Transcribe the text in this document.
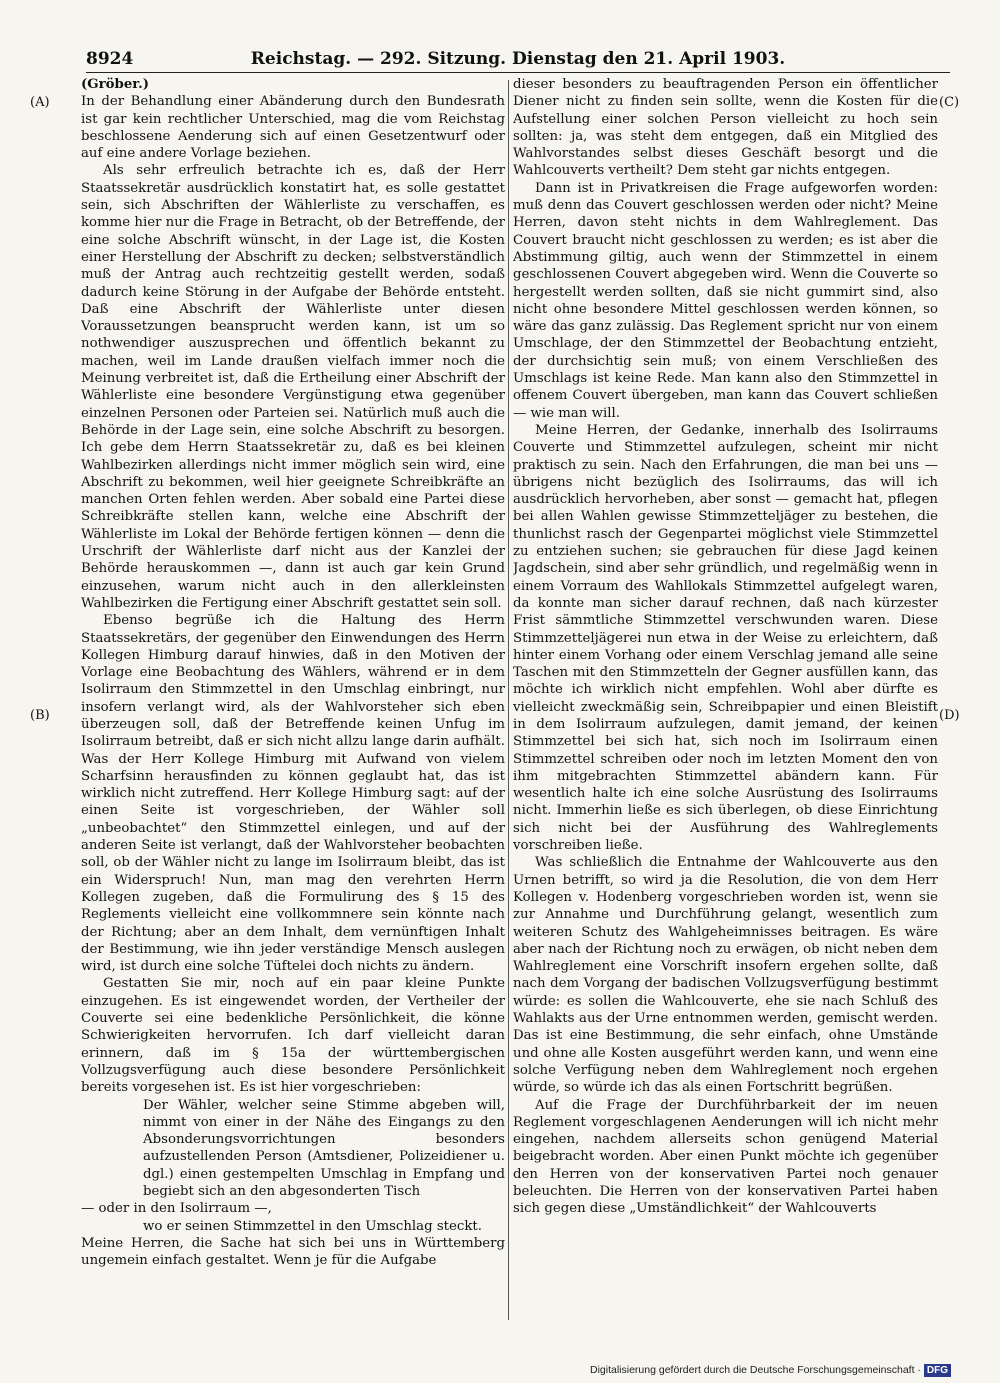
8924	Reichstag. — 292. Sitzung. Dienstag den 21. April 1903.
(A)
(B)
(C)
(D)

(Gröber.)

In der Behandlung einer Abänderung durch den Bundesrath ist gar kein rechtlicher Unterschied, mag die vom Reichstag beschlossene Aenderung sich auf einen Gesetzentwurf oder auf eine andere Vorlage beziehen.

Als sehr erfreulich betrachte ich es, daß der Herr Staatssekretär ausdrücklich konstatirt hat, es solle gestattet sein, sich Abschriften der Wählerliste zu verschaffen, es komme hier nur die Frage in Betracht, ob der Betreffende, der eine solche Abschrift wünscht, in der Lage ist, die Kosten einer Herstellung der Abschrift zu decken; selbstverständlich muß der Antrag auch rechtzeitig gestellt werden, sodaß dadurch keine Störung in der Aufgabe der Behörde entsteht. Daß eine Abschrift der Wählerliste unter diesen Voraussetzungen beansprucht werden kann, ist um so nothwendiger auszusprechen und öffentlich bekannt zu machen, weil im Lande draußen vielfach immer noch die Meinung verbreitet ist, daß die Ertheilung einer Abschrift der Wählerliste eine besondere Vergünstigung etwa gegenüber einzelnen Personen oder Parteien sei. Natürlich muß auch die Behörde in der Lage sein, eine solche Abschrift zu besorgen. Ich gebe dem Herrn Staatssekretär zu, daß es bei kleinen Wahlbezirken allerdings nicht immer möglich sein wird, eine Abschrift zu bekommen, weil hier geeignete Schreibkräfte an manchen Orten fehlen werden. Aber sobald eine Partei diese Schreibkräfte stellen kann, welche eine Abschrift der Wählerliste im Lokal der Behörde fertigen können — denn die Urschrift der Wählerliste darf nicht aus der Kanzlei der Behörde herauskommen —, dann ist auch gar kein Grund einzusehen, warum nicht auch in den allerkleinsten Wahlbezirken die Fertigung einer Abschrift gestattet sein soll.

Ebenso begrüße ich die Haltung des Herrn Staatssekretärs, der gegenüber den Einwendungen des Herrn Kollegen Himburg darauf hinwies, daß in den Motiven der Vorlage eine Beobachtung des Wählers, während er in dem Isolirraum den Stimmzettel in den Umschlag einbringt, nur insofern verlangt wird, als der Wahlvorsteher sich eben überzeugen soll, daß der Betreffende keinen Unfug im Isolirraum betreibt, daß er sich nicht allzu lange darin aufhält. Was der Herr Kollege Himburg mit Aufwand von vielem Scharfsinn herausfinden zu können geglaubt hat, das ist wirklich nicht zutreffend. Herr Kollege Himburg sagt: auf der einen Seite ist vorgeschrieben, der Wähler soll „unbeobachtet“ den Stimmzettel einlegen, und auf der anderen Seite ist verlangt, daß der Wahlvorsteher beobachten soll, ob der Wähler nicht zu lange im Isolirraum bleibt, das ist ein Widerspruch! Nun, man mag den verehrten Herrn Kollegen zugeben, daß die Formulirung des § 15 des Reglements vielleicht eine vollkommnere sein könnte nach der Richtung; aber an dem Inhalt, dem vernünftigen Inhalt der Bestimmung, wie ihn jeder verständige Mensch auslegen wird, ist durch eine solche Tüftelei doch nichts zu ändern.

Gestatten Sie mir, noch auf ein paar kleine Punkte einzugehen. Es ist eingewendet worden, der Vertheiler der Couverte sei eine bedenkliche Persönlichkeit, die könne Schwierigkeiten hervorrufen. Ich darf vielleicht daran erinnern, daß im § 15a der württembergischen Vollzugsverfügung auch diese besondere Persönlichkeit bereits vorgesehen ist. Es ist hier vorgeschrieben:

Der Wähler, welcher seine Stimme abgeben will, nimmt von einer in der Nähe des Eingangs zu den Absonderungsvorrichtungen besonders aufzustellenden Person (Amtsdiener, Polizeidiener u. dgl.) einen gestempelten Umschlag in Empfang und begiebt sich an den abgesonderten Tisch

— oder in den Isolirraum —,

wo er seinen Stimmzettel in den Umschlag steckt.

Meine Herren, die Sache hat sich bei uns in Württemberg ungemein einfach gestaltet. Wenn je für die Aufgabe

dieser besonders zu beauftragenden Person ein öffentlicher Diener nicht zu finden sein sollte, wenn die Kosten für die Aufstellung einer solchen Person vielleicht zu hoch sein sollten: ja, was steht dem entgegen, daß ein Mitglied des Wahlvorstandes selbst dieses Geschäft besorgt und die Wahlcouverts vertheilt? Dem steht gar nichts entgegen.

Dann ist in Privatkreisen die Frage aufgeworfen worden: muß denn das Couvert geschlossen werden oder nicht? Meine Herren, davon steht nichts in dem Wahlreglement. Das Couvert braucht nicht geschlossen zu werden; es ist aber die Abstimmung giltig, auch wenn der Stimmzettel in einem geschlossenen Couvert abgegeben wird. Wenn die Couverte so hergestellt werden sollten, daß sie nicht gummirt sind, also nicht ohne besondere Mittel geschlossen werden können, so wäre das ganz zulässig. Das Reglement spricht nur von einem Umschlage, der den Stimmzettel der Beobachtung entzieht, der durchsichtig sein muß; von einem Verschließen des Umschlags ist keine Rede. Man kann also den Stimmzettel in offenem Couvert übergeben, man kann das Couvert schließen — wie man will.

Meine Herren, der Gedanke, innerhalb des Isolirraums Couverte und Stimmzettel aufzulegen, scheint mir nicht praktisch zu sein. Nach den Erfahrungen, die man bei uns — übrigens nicht bezüglich des Isolirraums, das will ich ausdrücklich hervorheben, aber sonst — gemacht hat, pflegen bei allen Wahlen gewisse Stimmzetteljäger zu bestehen, die thunlichst rasch der Gegenpartei möglichst viele Stimmzettel zu entziehen suchen; sie gebrauchen für diese Jagd keinen Jagdschein, sind aber sehr gründlich, und regelmäßig wenn in einem Vorraum des Wahllokals Stimmzettel aufgelegt waren, da konnte man sicher darauf rechnen, daß nach kürzester Frist sämmtliche Stimmzettel verschwunden waren. Diese Stimmzetteljägerei nun etwa in der Weise zu erleichtern, daß hinter einem Vorhang oder einem Verschlag jemand alle seine Taschen mit den Stimmzetteln der Gegner ausfüllen kann, das möchte ich wirklich nicht empfehlen. Wohl aber dürfte es vielleicht zweckmäßig sein, Schreibpapier und einen Bleistift in dem Isolirraum aufzulegen, damit jemand, der keinen Stimmzettel bei sich hat, sich noch im Isolirraum einen Stimmzettel schreiben oder noch im letzten Moment den von ihm mitgebrachten Stimmzettel abändern kann. Für wesentlich halte ich eine solche Ausrüstung des Isolirraums nicht. Immerhin ließe es sich überlegen, ob diese Einrichtung sich nicht bei der Ausführung des Wahlreglements vorschreiben ließe.

Was schließlich die Entnahme der Wahlcouverte aus den Urnen betrifft, so wird ja die Resolution, die von dem Herr Kollegen v. Hodenberg vorgeschrieben worden ist, wenn sie zur Annahme und Durchführung gelangt, wesentlich zum weiteren Schutz des Wahlgeheimnisses beitragen. Es wäre aber nach der Richtung noch zu erwägen, ob nicht neben dem Wahlreglement eine Vorschrift insofern ergehen sollte, daß nach dem Vorgang der badischen Vollzugsverfügung bestimmt würde: es sollen die Wahlcouverte, ehe sie nach Schluß des Wahlakts aus der Urne entnommen werden, gemischt werden. Das ist eine Bestimmung, die sehr einfach, ohne Umstände und ohne alle Kosten ausgeführt werden kann, und wenn eine solche Verfügung neben dem Wahlreglement noch ergehen würde, so würde ich das als einen Fortschritt begrüßen.

Auf die Frage der Durchführbarkeit der im neuen Reglement vorgeschlagenen Aenderungen will ich nicht mehr eingehen, nachdem allerseits schon genügend Material beigebracht worden. Aber einen Punkt möchte ich gegenüber den Herren von der konservativen Partei noch genauer beleuchten. Die Herren von der konservativen Partei haben sich gegen diese „Umständlichkeit“ der Wahlcouverts

Digitalisierung gefördert durch die Deutsche Forschungsgemeinschaft · DFG
